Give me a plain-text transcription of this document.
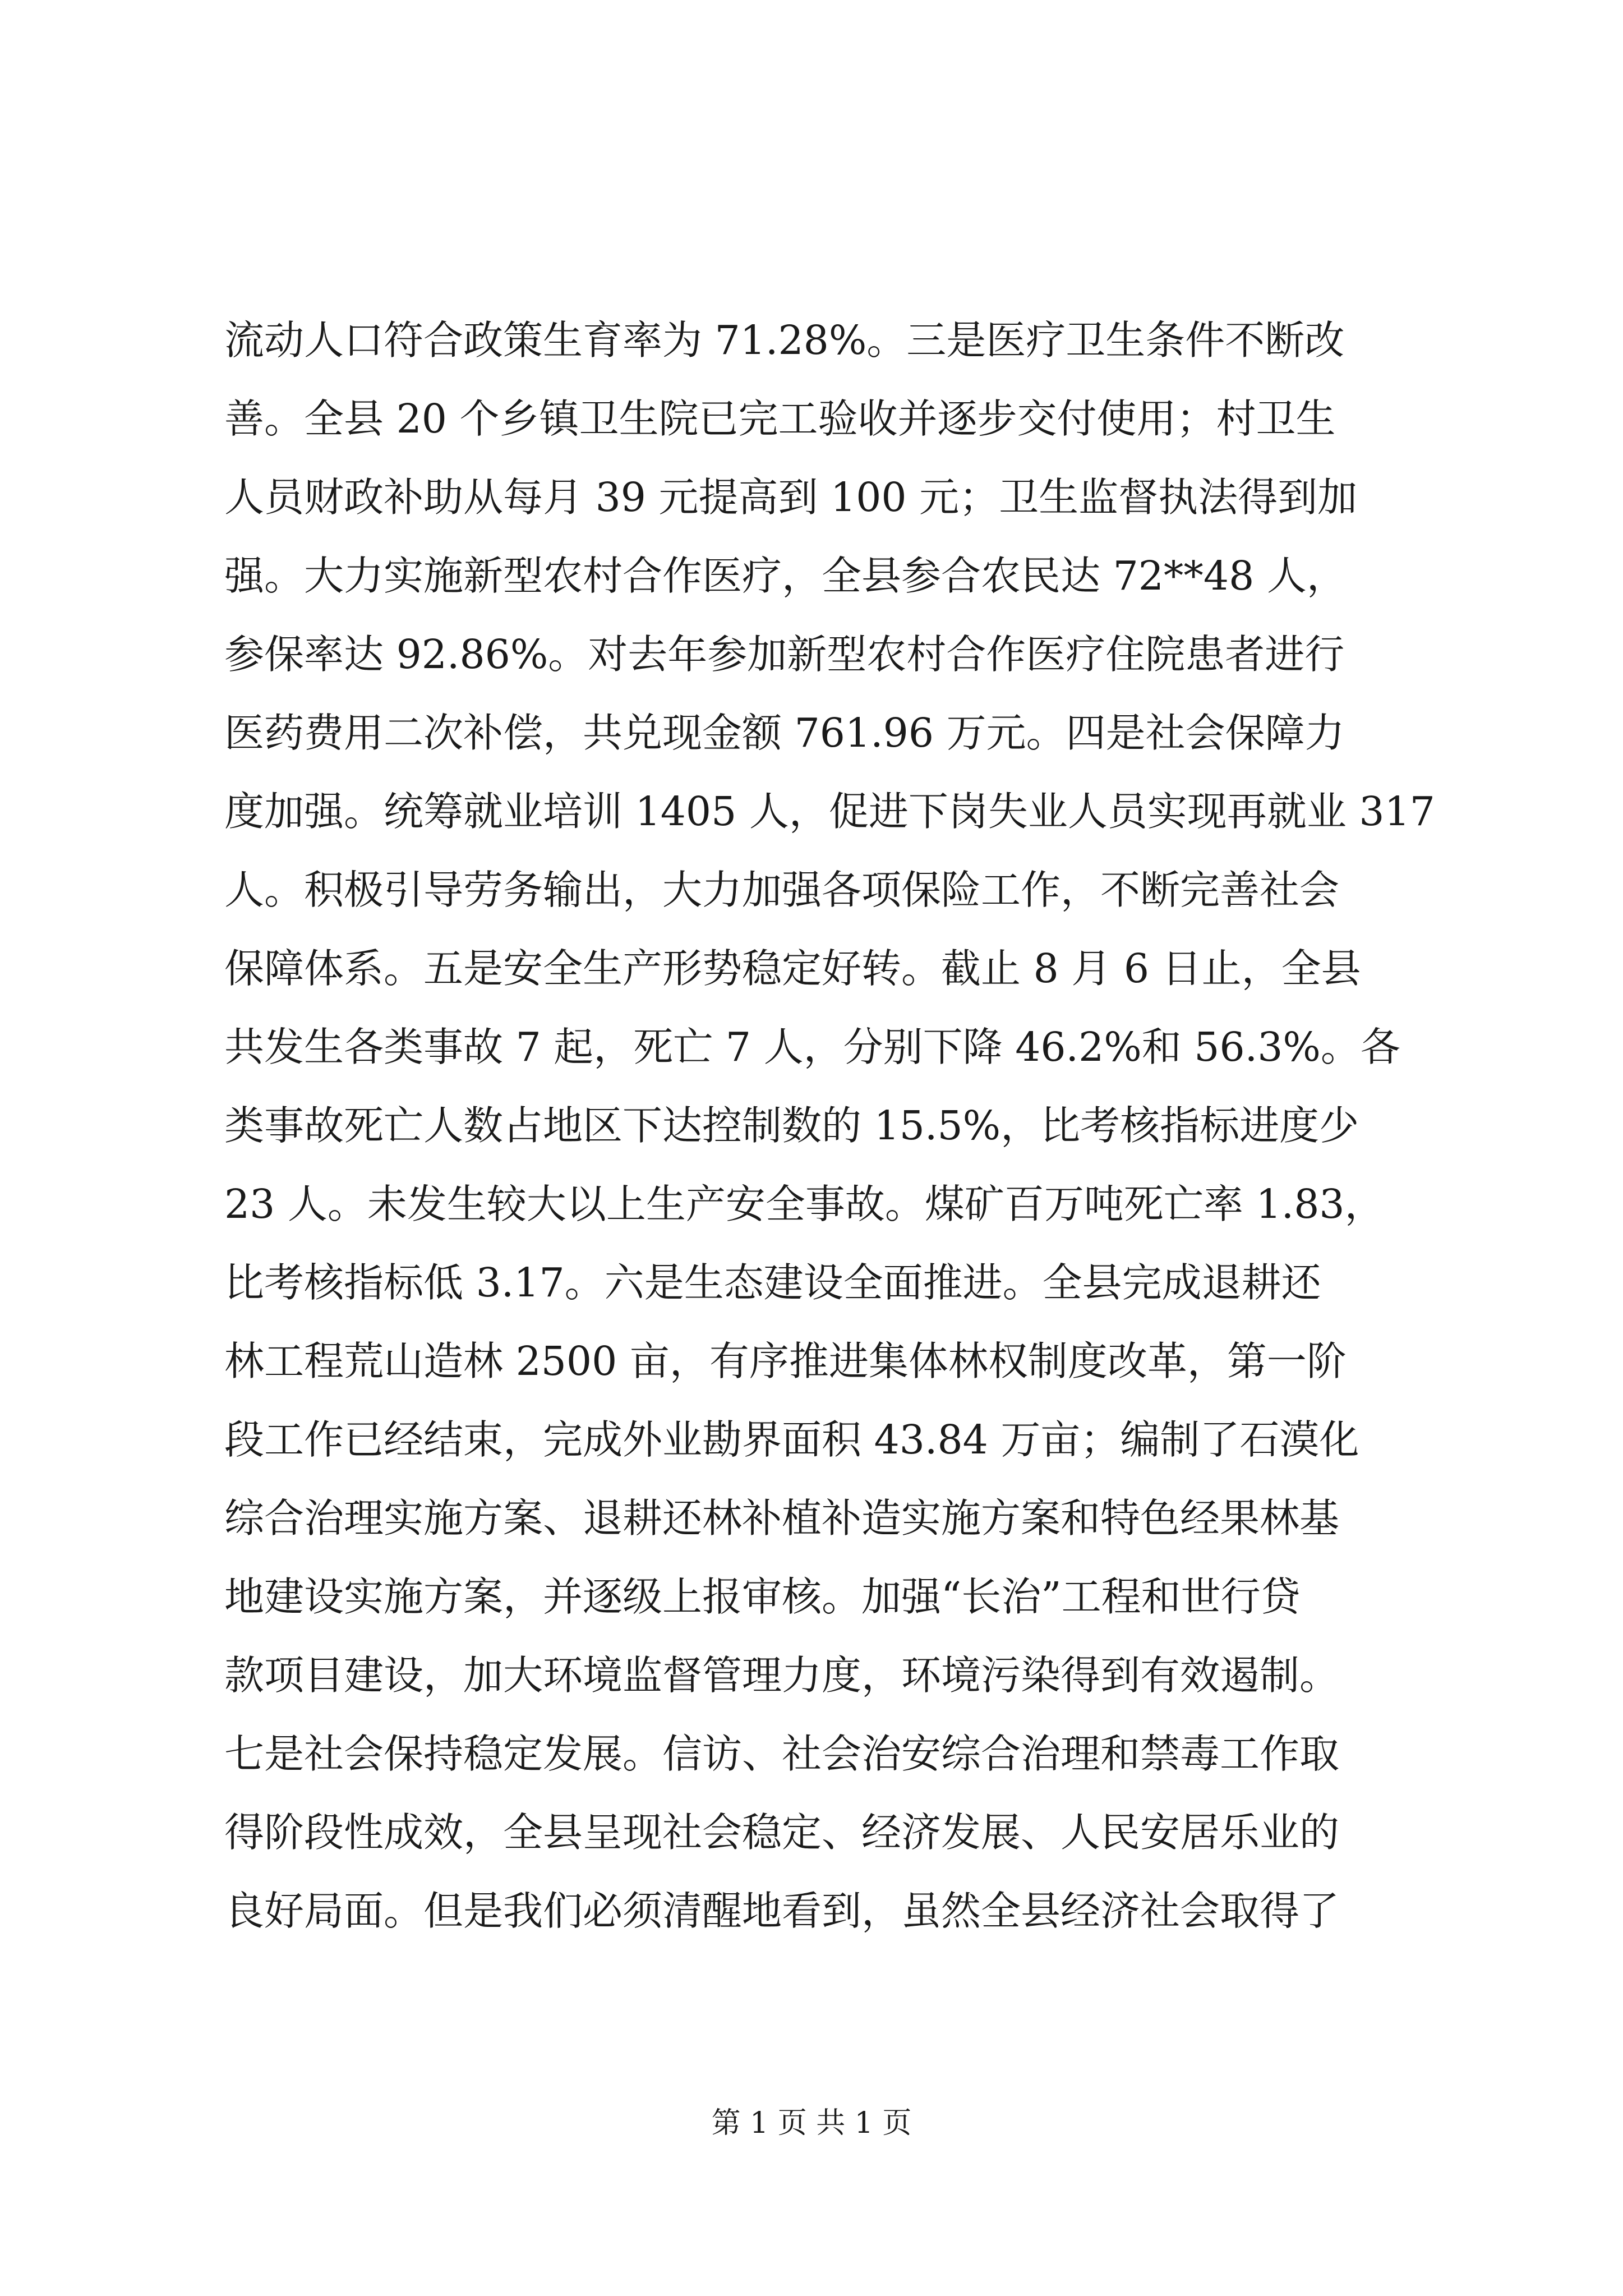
流动人口符合政策生育率为 71.28%。三是医疗卫生条件不断改
善。全县 20 个乡镇卫生院已完工验收并逐步交付使用；村卫生
人员财政补助从每月 39 元提高到 100 元；卫生监督执法得到加
强。大力实施新型农村合作医疗，全县参合农民达 72**48 人，
参保率达 92.86%。对去年参加新型农村合作医疗住院患者进行
医药费用二次补偿，共兑现金额 761.96 万元。四是社会保障力
度加强。统筹就业培训 1405 人，促进下岗失业人员实现再就业 317
人。积极引导劳务输出，大力加强各项保险工作，不断完善社会
保障体系。五是安全生产形势稳定好转。截止 8 月 6 日止，全县
共发生各类事故 7 起，死亡 7 人，分别下降 46.2%和 56.3%。各
类事故死亡人数占地区下达控制数的 15.5%，比考核指标进度少
23 人。未发生较大以上生产安全事故。煤矿百万吨死亡率 1.83，
比考核指标低 3.17。六是生态建设全面推进。全县完成退耕还
林工程荒山造林 2500 亩，有序推进集体林权制度改革，第一阶
段工作已经结束，完成外业勘界面积 43.84 万亩；编制了石漠化
综合治理实施方案、退耕还林补植补造实施方案和特色经果林基
地建设实施方案，并逐级上报审核。加强“长治”工程和世行贷
款项目建设，加大环境监督管理力度，环境污染得到有效遏制。
七是社会保持稳定发展。信访、社会治安综合治理和禁毒工作取
得阶段性成效，全县呈现社会稳定、经济发展、人民安居乐业的
良好局面。但是我们必须清醒地看到，虽然全县经济社会取得了
第 1 页 共 1 页
